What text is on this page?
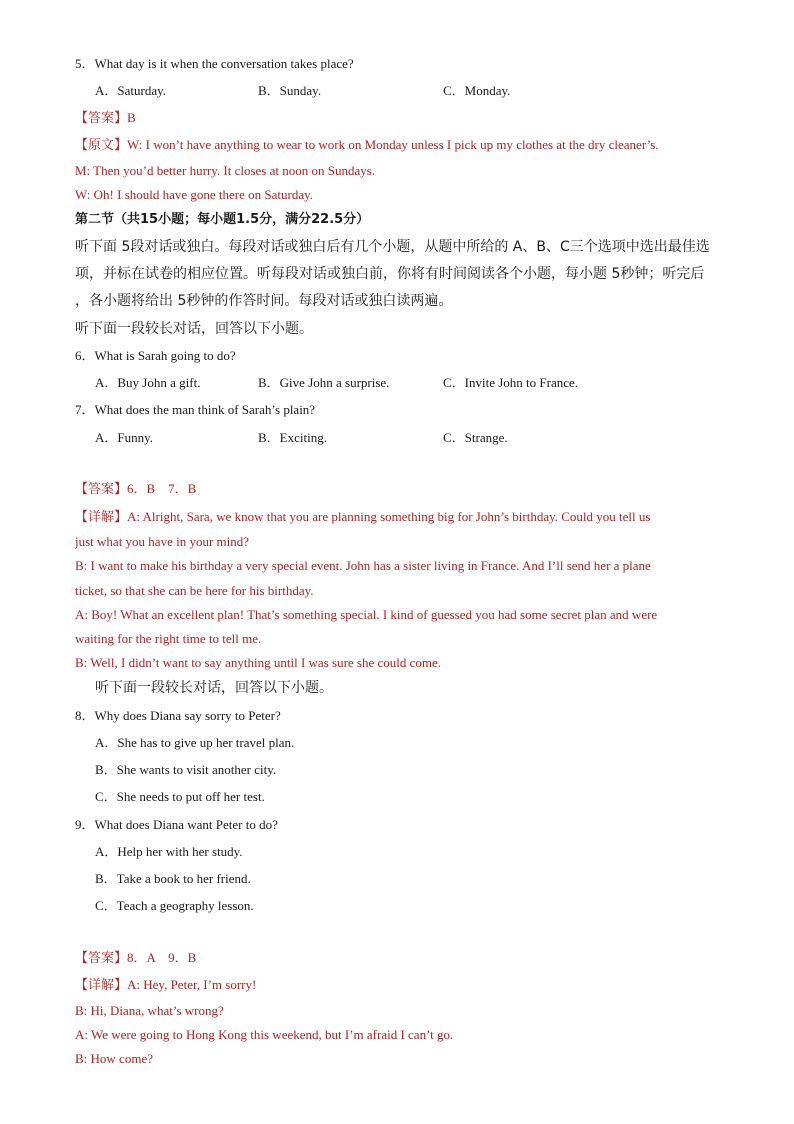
5．What day is it when the conversation takes place?
A．Saturday.	B．Sunday.	C．Monday.
【答案】B
【原文】W: I won’t have anything to wear to work on Monday unless I pick up my clothes at the dry cleaner’s.
M: Then you’d better hurry. It closes at noon on Sundays.
W: Oh! I should have gone there on Saturday.
第二节（共15小题；每小题1.5分，满分22.5分）
听下面 5段对话或独白。每段对话或独白后有几个小题，从题中所给的 A、B、C三个选项中选出最佳选
项，并标在试卷的相应位置。听每段对话或独白前，你将有时间阅读各个小题，每小题 5秒钟；听完后
，各小题将给出 5秒钟的作答时间。每段对话或独白读两遍。
听下面一段较长对话，回答以下小题。
6．What is Sarah going to do?
A．Buy John a gift.	B．Give John a surprise.	C．Invite John to France.
7．What does the man think of Sarah’s plain?
A．Funny.	B．Exciting.	C．Strange.
【答案】6．B　7．B
【详解】A: Alright, Sara, we know that you are planning something big for John’s birthday. Could you tell us
just what you have in your mind?
B: I want to make his birthday a very special event. John has a sister living in France. And I’ll send her a plane
ticket, so that she can be here for his birthday.
A: Boy! What an excellent plan! That’s something special. I kind of guessed you had some secret plan and were
waiting for the right time to tell me.
B: Well, I didn’t want to say anything until I was sure she could come.
听下面一段较长对话，回答以下小题。
8．Why does Diana say sorry to Peter?
A．She has to give up her travel plan.
B．She wants to visit another city.
C．She needs to put off her test.
9．What does Diana want Peter to do?
A．Help her with her study.
B．Take a book to her friend.
C．Teach a geography lesson.
【答案】8．A　9．B
【详解】A: Hey, Peter, I’m sorry!
B: Hi, Diana, what’s wrong?
A: We were going to Hong Kong this weekend, but I’m afraid I can’t go.
B: How come?
